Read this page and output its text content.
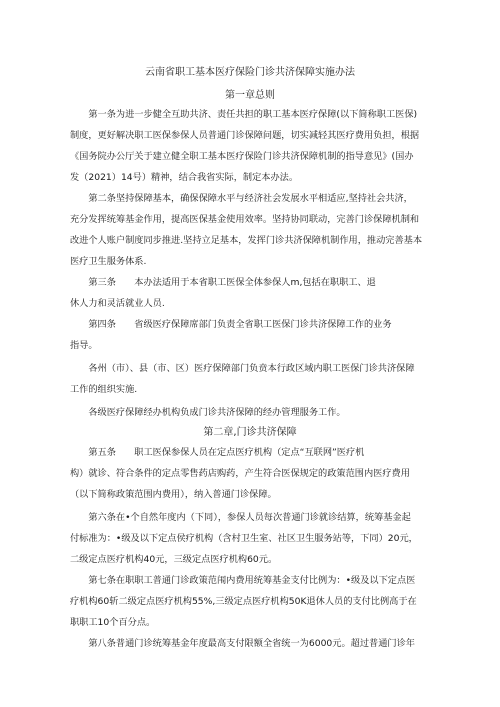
云南省职工基本医疗保险门诊共济保障实施办法
第一章总则
　　第一条为进一步健全互助共济、责任共担的职工基本医疗保障(以下简称职工医保)
制度，更好解决职工医保参保人员普通门诊保障问题，切实减轻其医疗费用负担，根据
《国务院办公厅关于建立健全职工基本医疗保险门诊共济保障机制的指导意见》(国办
发（2021）14号）精神，结合我省实际，制定本办法。
　　第二条坚持保障基本，确保保障水平与经济社会发展水平相适应,坚持社会共济，
充分发挥统筹基金作用，提高医保基金使用效率。坚持协同联动，完善门诊保障机制和
改进个人账户制度同步推进.坚持立足基本，发挥门诊共济保障机制作用，推动完善基本
医疗卫生服务体系.
　　第三条　　本办法适用于本省职工医保全体参保人m,包括在职职工、退
休人力和灵活就业人员.
　　第四条　　省级医疗保障席部门负责全省职工医保门诊共济保障工作的业务
指导。
　　各州（市）、县（市、区）医疗保障部门负贲本行政区域内职工医保门诊共济保障
工作的组织实施.
　　各级医疗保障经办机构负成门诊共济保障的经办管理服务工作。
第二章,门诊共济保障
　　第五条　　职工医保参保人员在定点医疗机构（定点“互联网”医疗机
构）就诊、符合条件的定点零售药店购药，产生符合医保规定的政策范围内医疗费用
（以下简称政策范围内费用），纳入普通门诊保障。
　　第六条在•个自然年度内（下同），参保人员每次普通门诊就诊结算，统筹基金起
付标准为：•级及以下定点侯疗机构（含村卫生室、社区卫生服务站等，下同）20元，
二级定点医疗机构40元，三级定点医疗机构60元。
　　第七条在职职工普通门诊政策范闱内费用统筹基金支付比例为：•级及以下定点医
疗机构60斩二级定点医疗机构55%,三级定点医疗机构50K退休人员的支付比例高于在
职职工10个百分点。
　　第八条普通门诊统筹基金年度最高支付限额全省统一为6000元。超过普通门诊年
